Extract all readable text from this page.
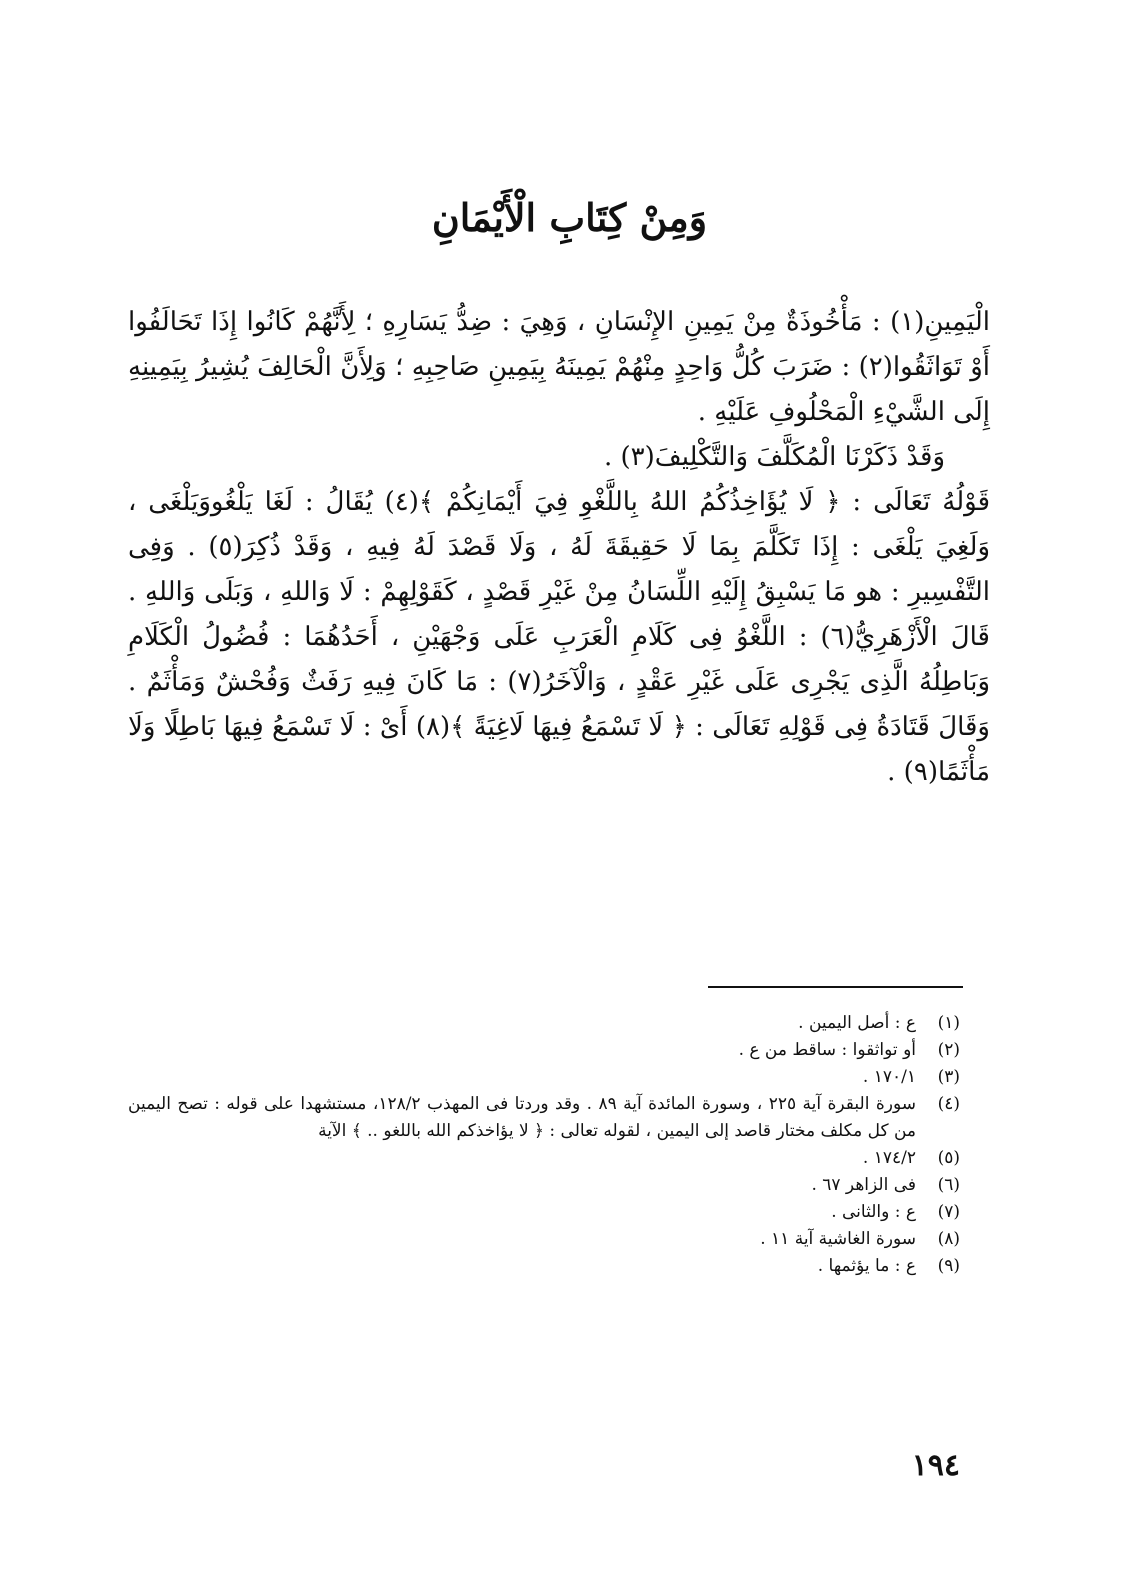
وَمِنْ كِتَابِ الْأَيْمَانِ

الْيَمِينِ(١) : مَأْخُوذَةٌ مِنْ يَمِينِ الإِنْسَانِ ، وَهِيَ : ضِدُّ يَسَارِهِ ؛ لِأَنَّهُمْ كَانُوا إِذَا تَحَالَفُوا أَوْ تَوَاثَقُوا(٢) : ضَرَبَ كُلُّ وَاحِدٍ مِنْهُمْ يَمِينَهُ بِيَمِينِ صَاحِبِهِ ؛ وَلِأَنَّ الْحَالِفَ يُشِيرُ بِيَمِينِهِ إِلَى الشَّيْءِ الْمَحْلُوفِ عَلَيْهِ .

وَقَدْ ذَكَرْنَا الْمُكَلَّفَ وَالتَّكْلِيفَ(٣) .

قَوْلُهُ تَعَالَى : ﴿ لَا يُؤَاخِذُكُمُ اللهُ بِاللَّغْوِ فِيَ أَيْمَانِكُمْ ﴾(٤) يُقَالُ : لَغَا يَلْغُووَيَلْغَى ، وَلَغِيَ يَلْغَى : إِذَا تَكَلَّمَ بِمَا لَا حَقِيقَةَ لَهُ ، وَلَا قَصْدَ لَهُ فِيهِ ، وَقَدْ ذُكِرَ(٥) . وَفِى التَّفْسِيرِ : هو مَا يَسْبِقُ إِلَيْهِ اللِّسَانُ مِنْ غَيْرِ قَصْدٍ ، كَقَوْلِهِمْ : لَا وَاللهِ ، وَبَلَى وَاللهِ . قَالَ الْأَزْهَرِيُّ(٦) : اللَّغْوُ فِى كَلَامِ الْعَرَبِ عَلَى وَجْهَيْنِ ، أَحَدُهُمَا : فُضُولُ الْكَلَامِ وَبَاطِلُهُ الَّذِى يَجْرِى عَلَى غَيْرِ عَقْدٍ ، وَالْآخَرُ(٧) : مَا كَانَ فِيهِ رَفَثٌ وَفُحْشٌ وَمَأْثَمٌ . وَقَالَ قَتَادَةُ فِى قَوْلِهِ تَعَالَى : ﴿ لَا تَسْمَعُ فِيهَا لَاغِيَةً ﴾(٨) أَىْ : لَا تَسْمَعُ فِيهَا بَاطِلًا وَلَا مَأْثَمًا(٩) .

(١)
ع : أصل اليمين .
(٢)
أو تواثقوا : ساقط من ع .
(٣)
١٧٠/١ .
(٤)
سورة البقرة آية ٢٢٥ ، وسورة المائدة آية ٨٩ . وقد وردتا فى المهذب ١٢٨/٢، مستشهدا على قوله : تصح اليمين من كل مكلف مختار قاصد إلى اليمين ، لقوله تعالى : ﴿ لا يؤاخذكم الله باللغو .. ﴾ الآية
(٥)
١٧٤/٢ .
(٦)
فى الزاهر ٦٧ .
(٧)
ع : والثانى .
(٨)
سورة الغاشية آية ١١ .
(٩)
ع : ما يؤثمها .
١٩٤
